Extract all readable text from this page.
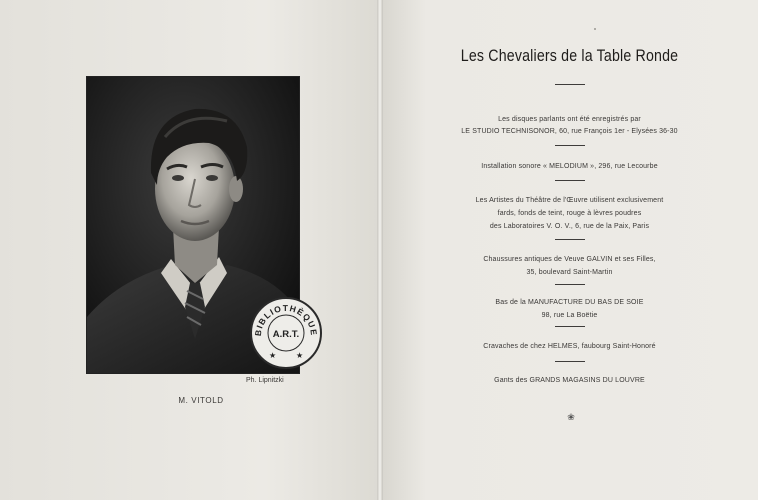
Ph. Lipnitzki
M. VITOLD
BIBLIOTHÈQUE
A.R.T.
★ ★
Les Chevaliers de la Table Ronde
Les disques parlants ont été enregistrés par
LE STUDIO TECHNISONOR, 60, rue François 1er - Elysées 36-30
Installation sonore « MELODIUM », 296, rue Lecourbe
Les Artistes du Théâtre de l'Œuvre utilisent exclusivement
fards, fonds de teint, rouge à lèvres poudres
des Laboratoires V. O. V., 6, rue de la Paix, Paris
Chaussures antiques de Veuve GALVIN et ses Filles,
35, boulevard Saint-Martin
Bas de la MANUFACTURE DU BAS DE SOIE
98, rue La Boëtie
Cravaches de chez HELMES, faubourg Saint-Honoré
Gants des GRANDS MAGASINS DU LOUVRE
❀
